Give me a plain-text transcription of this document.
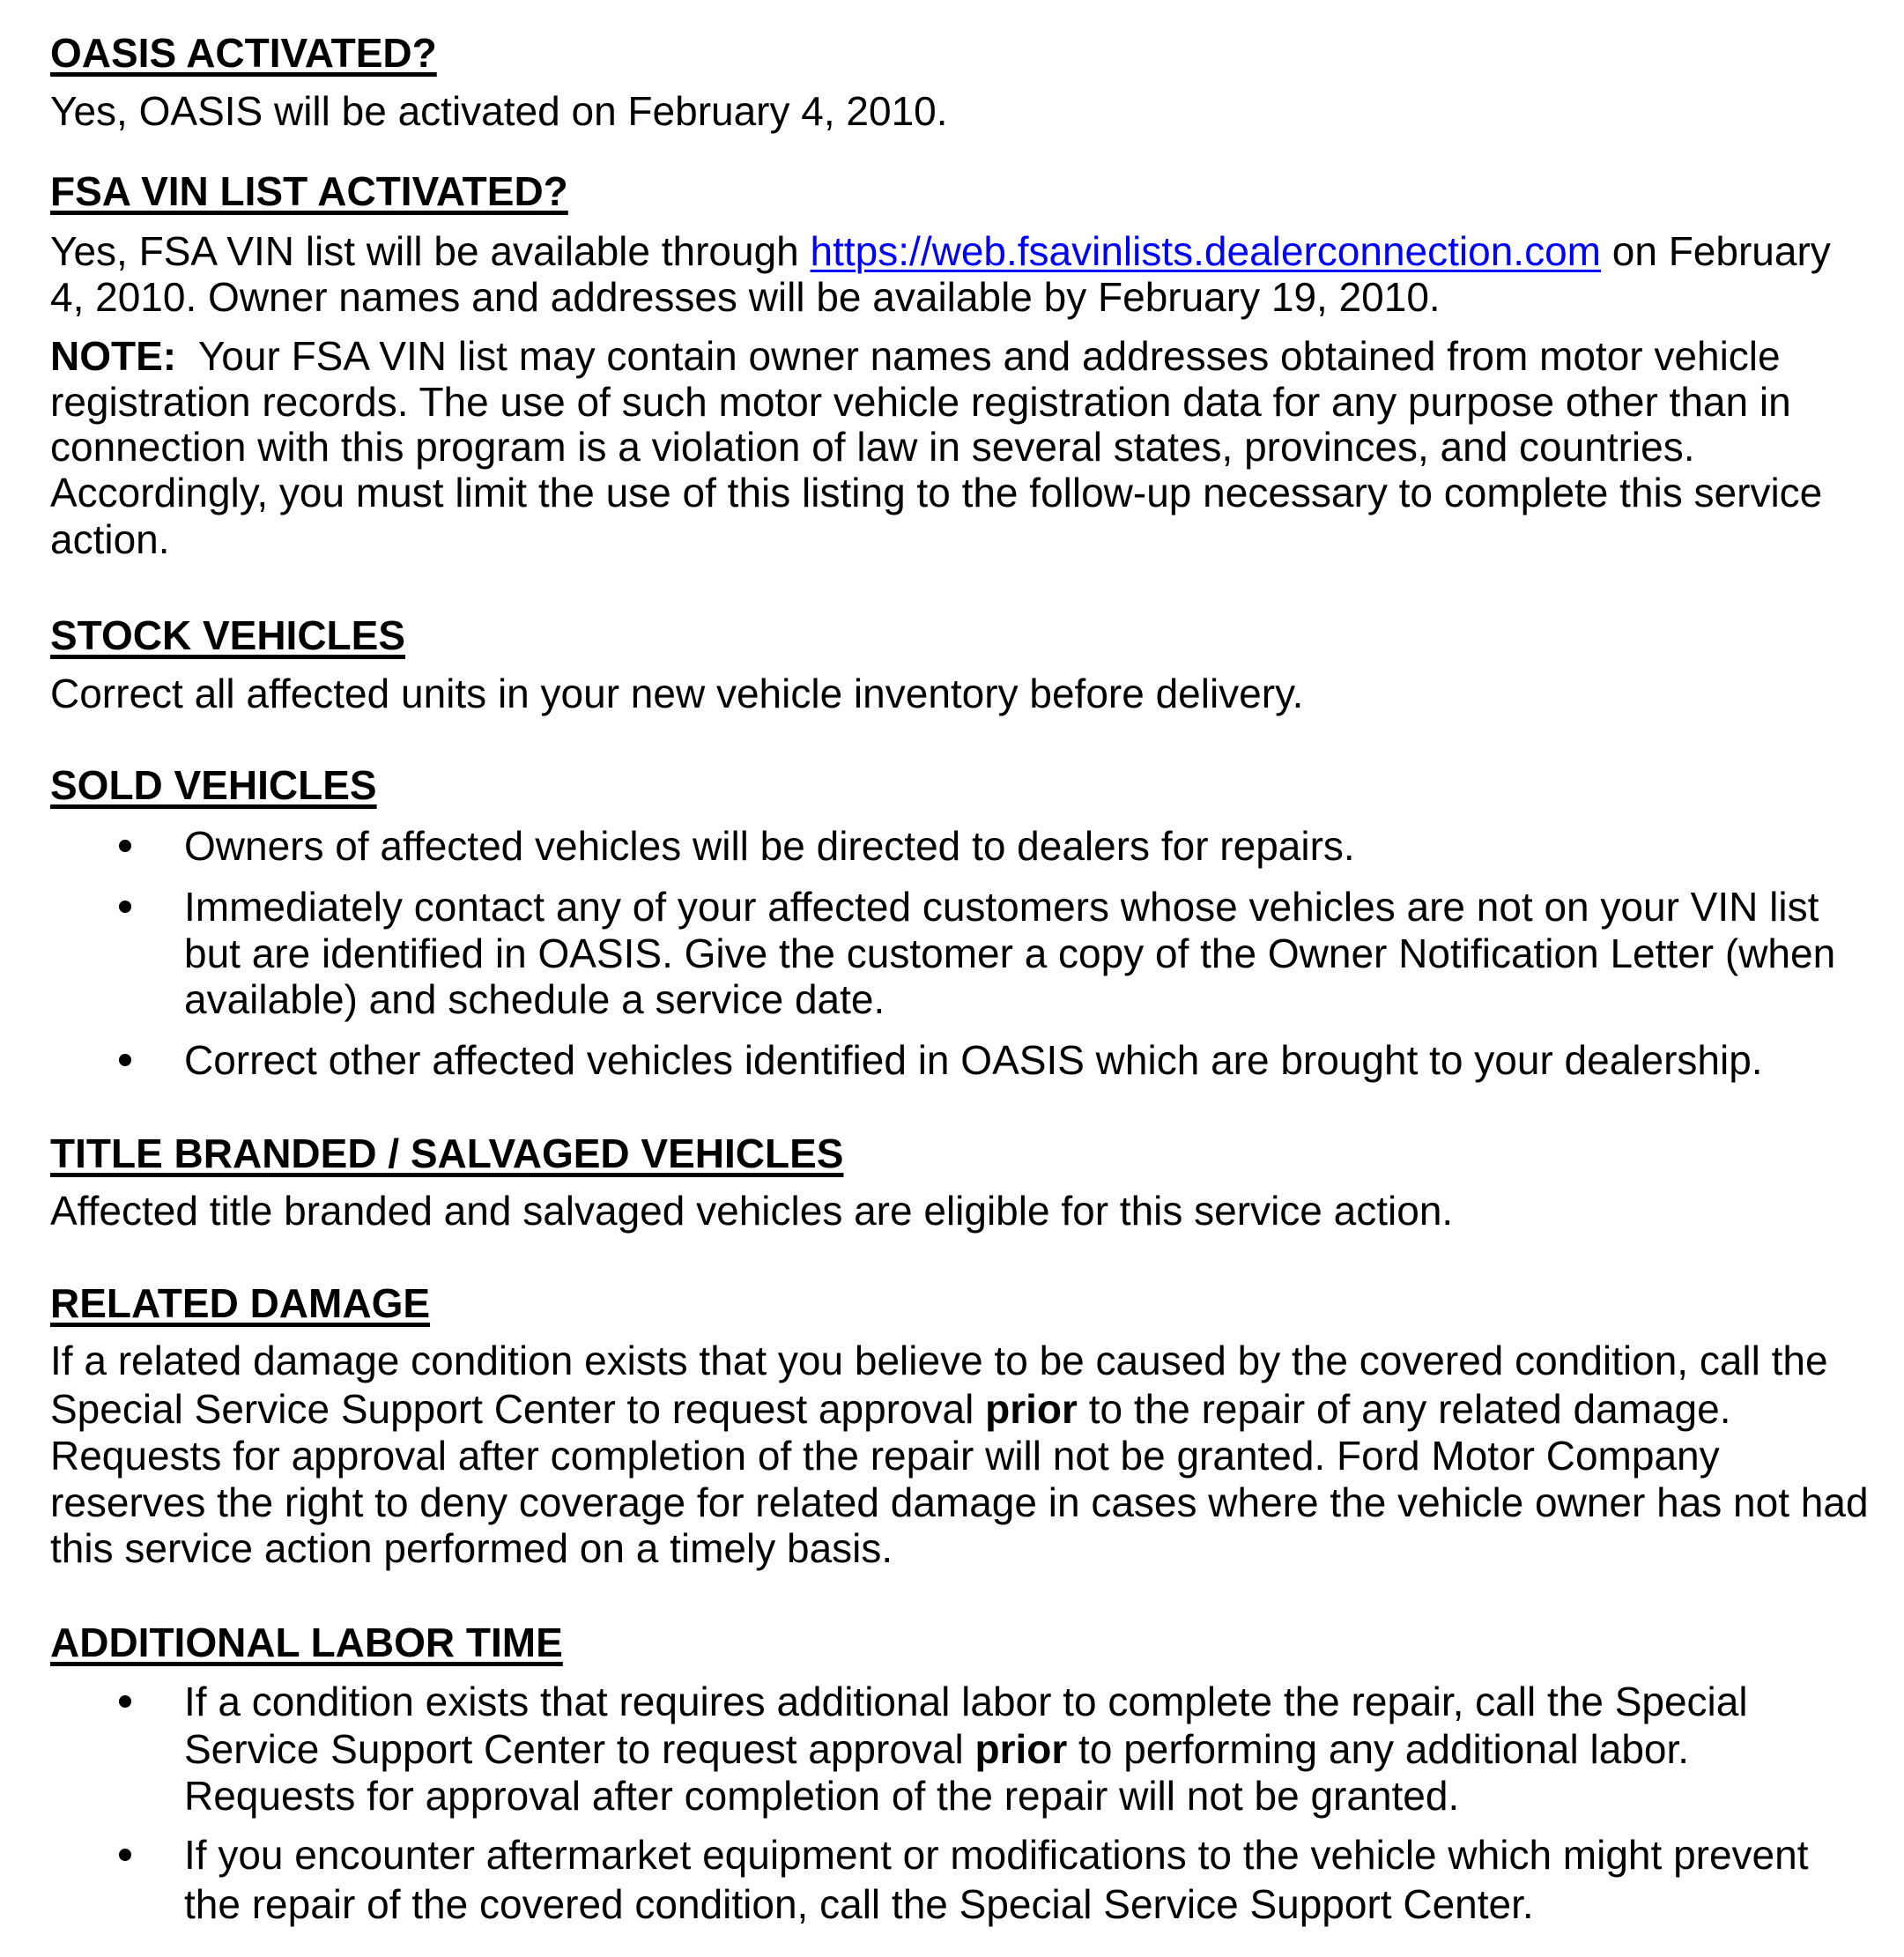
OASIS ACTIVATED?
Yes, OASIS will be activated on February 4, 2010.
FSA VIN LIST ACTIVATED?
Yes, FSA VIN list will be available through https://web.fsavinlists.dealerconnection.com on February
4, 2010. Owner names and addresses will be available by February 19, 2010.
NOTE:  Your FSA VIN list may contain owner names and addresses obtained from motor vehicle
registration records. The use of such motor vehicle registration data for any purpose other than in
connection with this program is a violation of law in several states, provinces, and countries.
Accordingly, you must limit the use of this listing to the follow-up necessary to complete this service
action.
STOCK VEHICLES
Correct all affected units in your new vehicle inventory before delivery.
SOLD VEHICLES
Owners of affected vehicles will be directed to dealers for repairs.
Immediately contact any of your affected customers whose vehicles are not on your VIN list
but are identified in OASIS. Give the customer a copy of the Owner Notification Letter (when
available) and schedule a service date.
Correct other affected vehicles identified in OASIS which are brought to your dealership.
TITLE BRANDED / SALVAGED VEHICLES
Affected title branded and salvaged vehicles are eligible for this service action.
RELATED DAMAGE
If a related damage condition exists that you believe to be caused by the covered condition, call the
Special Service Support Center to request approval prior to the repair of any related damage.
Requests for approval after completion of the repair will not be granted. Ford Motor Company
reserves the right to deny coverage for related damage in cases where the vehicle owner has not had
this service action performed on a timely basis.
ADDITIONAL LABOR TIME
If a condition exists that requires additional labor to complete the repair, call the Special
Service Support Center to request approval prior to performing any additional labor.
Requests for approval after completion of the repair will not be granted.
If you encounter aftermarket equipment or modifications to the vehicle which might prevent
the repair of the covered condition, call the Special Service Support Center.
